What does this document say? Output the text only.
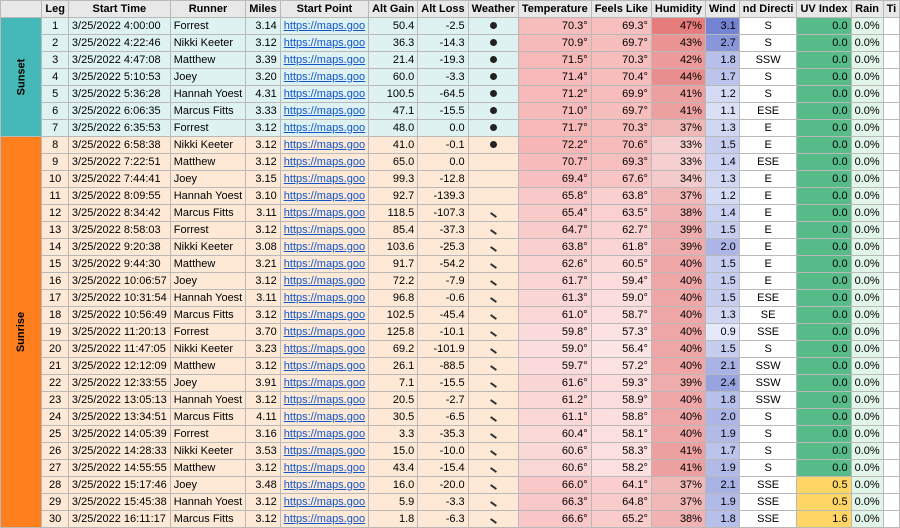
	Leg	Start Time	Runner	Miles	Start Point	Alt Gain	Alt Loss	Weather	Temperature	Feels Like	Humidity	Wind	nd Directi	UV Index	Rain	Ti
Sunset	1	3/25/2022 4:00:00	Forrest	3.14	https://maps.goo	50.4	-2.5		70.3°	69.3°	47%	3.1	S	0.0	0.0%	
	2	3/25/2022 4:22:46	Nikki Keeter	3.12	https://maps.goo	36.3	-14.3		70.9°	69.7°	43%	2.7	S	0.0	0.0%	
	3	3/25/2022 4:47:08	Matthew	3.39	https://maps.goo	21.4	-19.3		71.5°	70.3°	42%	1.8	SSW	0.0	0.0%	
	4	3/25/2022 5:10:53	Joey	3.20	https://maps.goo	60.0	-3.3		71.4°	70.4°	44%	1.7	S	0.0	0.0%	
	5	3/25/2022 5:36:28	Hannah Yoest	4.31	https://maps.goo	100.5	-64.5		71.2°	69.9°	41%	1.2	S	0.0	0.0%	
	6	3/25/2022 6:06:35	Marcus Fitts	3.33	https://maps.goo	47.1	-15.5		71.0°	69.7°	41%	1.1	ESE	0.0	0.0%	
	7	3/25/2022 6:35:53	Forrest	3.12	https://maps.goo	48.0	0.0		71.7°	70.3°	37%	1.3	E	0.0	0.0%	
Sunrise	8	3/25/2022 6:58:38	Nikki Keeter	3.12	https://maps.goo	41.0	-0.1		72.2°	70.6°	33%	1.5	E	0.0	0.0%	
	9	3/25/2022 7:22:51	Matthew	3.12	https://maps.goo	65.0	0.0		70.7°	69.3°	33%	1.4	ESE	0.0	0.0%	
	10	3/25/2022 7:44:41	Joey	3.15	https://maps.goo	99.3	-12.8		69.4°	67.6°	34%	1.3	E	0.0	0.0%	
	11	3/25/2022 8:09:55	Hannah Yoest	3.10	https://maps.goo	92.7	-139.3		65.8°	63.8°	37%	1.2	E	0.0	0.0%	
	12	3/25/2022 8:34:42	Marcus Fitts	3.11	https://maps.goo	118.5	-107.3		65.4°	63.5°	38%	1.4	E	0.0	0.0%	
	13	3/25/2022 8:58:03	Forrest	3.12	https://maps.goo	85.4	-37.3		64.7°	62.7°	39%	1.5	E	0.0	0.0%	
	14	3/25/2022 9:20:38	Nikki Keeter	3.08	https://maps.goo	103.6	-25.3		63.8°	61.8°	39%	2.0	E	0.0	0.0%	
	15	3/25/2022 9:44:30	Matthew	3.21	https://maps.goo	91.7	-54.2		62.6°	60.5°	40%	1.5	E	0.0	0.0%	
	16	3/25/2022 10:06:57	Joey	3.12	https://maps.goo	72.2	-7.9		61.7°	59.4°	40%	1.5	E	0.0	0.0%	
	17	3/25/2022 10:31:54	Hannah Yoest	3.11	https://maps.goo	96.8	-0.6		61.3°	59.0°	40%	1.5	ESE	0.0	0.0%	
	18	3/25/2022 10:56:49	Marcus Fitts	3.12	https://maps.goo	102.5	-45.4		61.0°	58.7°	40%	1.3	SE	0.0	0.0%	
	19	3/25/2022 11:20:13	Forrest	3.70	https://maps.goo	125.8	-10.1		59.8°	57.3°	40%	0.9	SSE	0.0	0.0%	
	20	3/25/2022 11:47:05	Nikki Keeter	3.23	https://maps.goo	69.2	-101.9		59.0°	56.4°	40%	1.5	S	0.0	0.0%	
	21	3/25/2022 12:12:09	Matthew	3.12	https://maps.goo	26.1	-88.5		59.7°	57.2°	40%	2.1	SSW	0.0	0.0%	
	22	3/25/2022 12:33:55	Joey	3.91	https://maps.goo	7.1	-15.5		61.6°	59.3°	39%	2.4	SSW	0.0	0.0%	
	23	3/25/2022 13:05:13	Hannah Yoest	3.12	https://maps.goo	20.5	-2.7		61.2°	58.9°	40%	1.8	SSW	0.0	0.0%	
	24	3/25/2022 13:34:51	Marcus Fitts	4.11	https://maps.goo	30.5	-6.5		61.1°	58.8°	40%	2.0	S	0.0	0.0%	
	25	3/25/2022 14:05:39	Forrest	3.16	https://maps.goo	3.3	-35.3		60.4°	58.1°	40%	1.9	S	0.0	0.0%	
	26	3/25/2022 14:28:33	Nikki Keeter	3.53	https://maps.goo	15.0	-10.0		60.6°	58.3°	41%	1.7	S	0.0	0.0%	
	27	3/25/2022 14:55:55	Matthew	3.12	https://maps.goo	43.4	-15.4		60.6°	58.2°	41%	1.9	S	0.0	0.0%	
	28	3/25/2022 15:17:46	Joey	3.48	https://maps.goo	16.0	-20.0		66.0°	64.1°	37%	2.1	SSE	0.5	0.0%	
	29	3/25/2022 15:45:38	Hannah Yoest	3.12	https://maps.goo	5.9	-3.3		66.3°	64.8°	37%	1.9	SSE	0.5	0.0%	
	30	3/25/2022 16:11:17	Marcus Fitts	3.12	https://maps.goo	1.8	-6.3		66.6°	65.2°	38%	1.8	SSE	1.6	0.0%	
